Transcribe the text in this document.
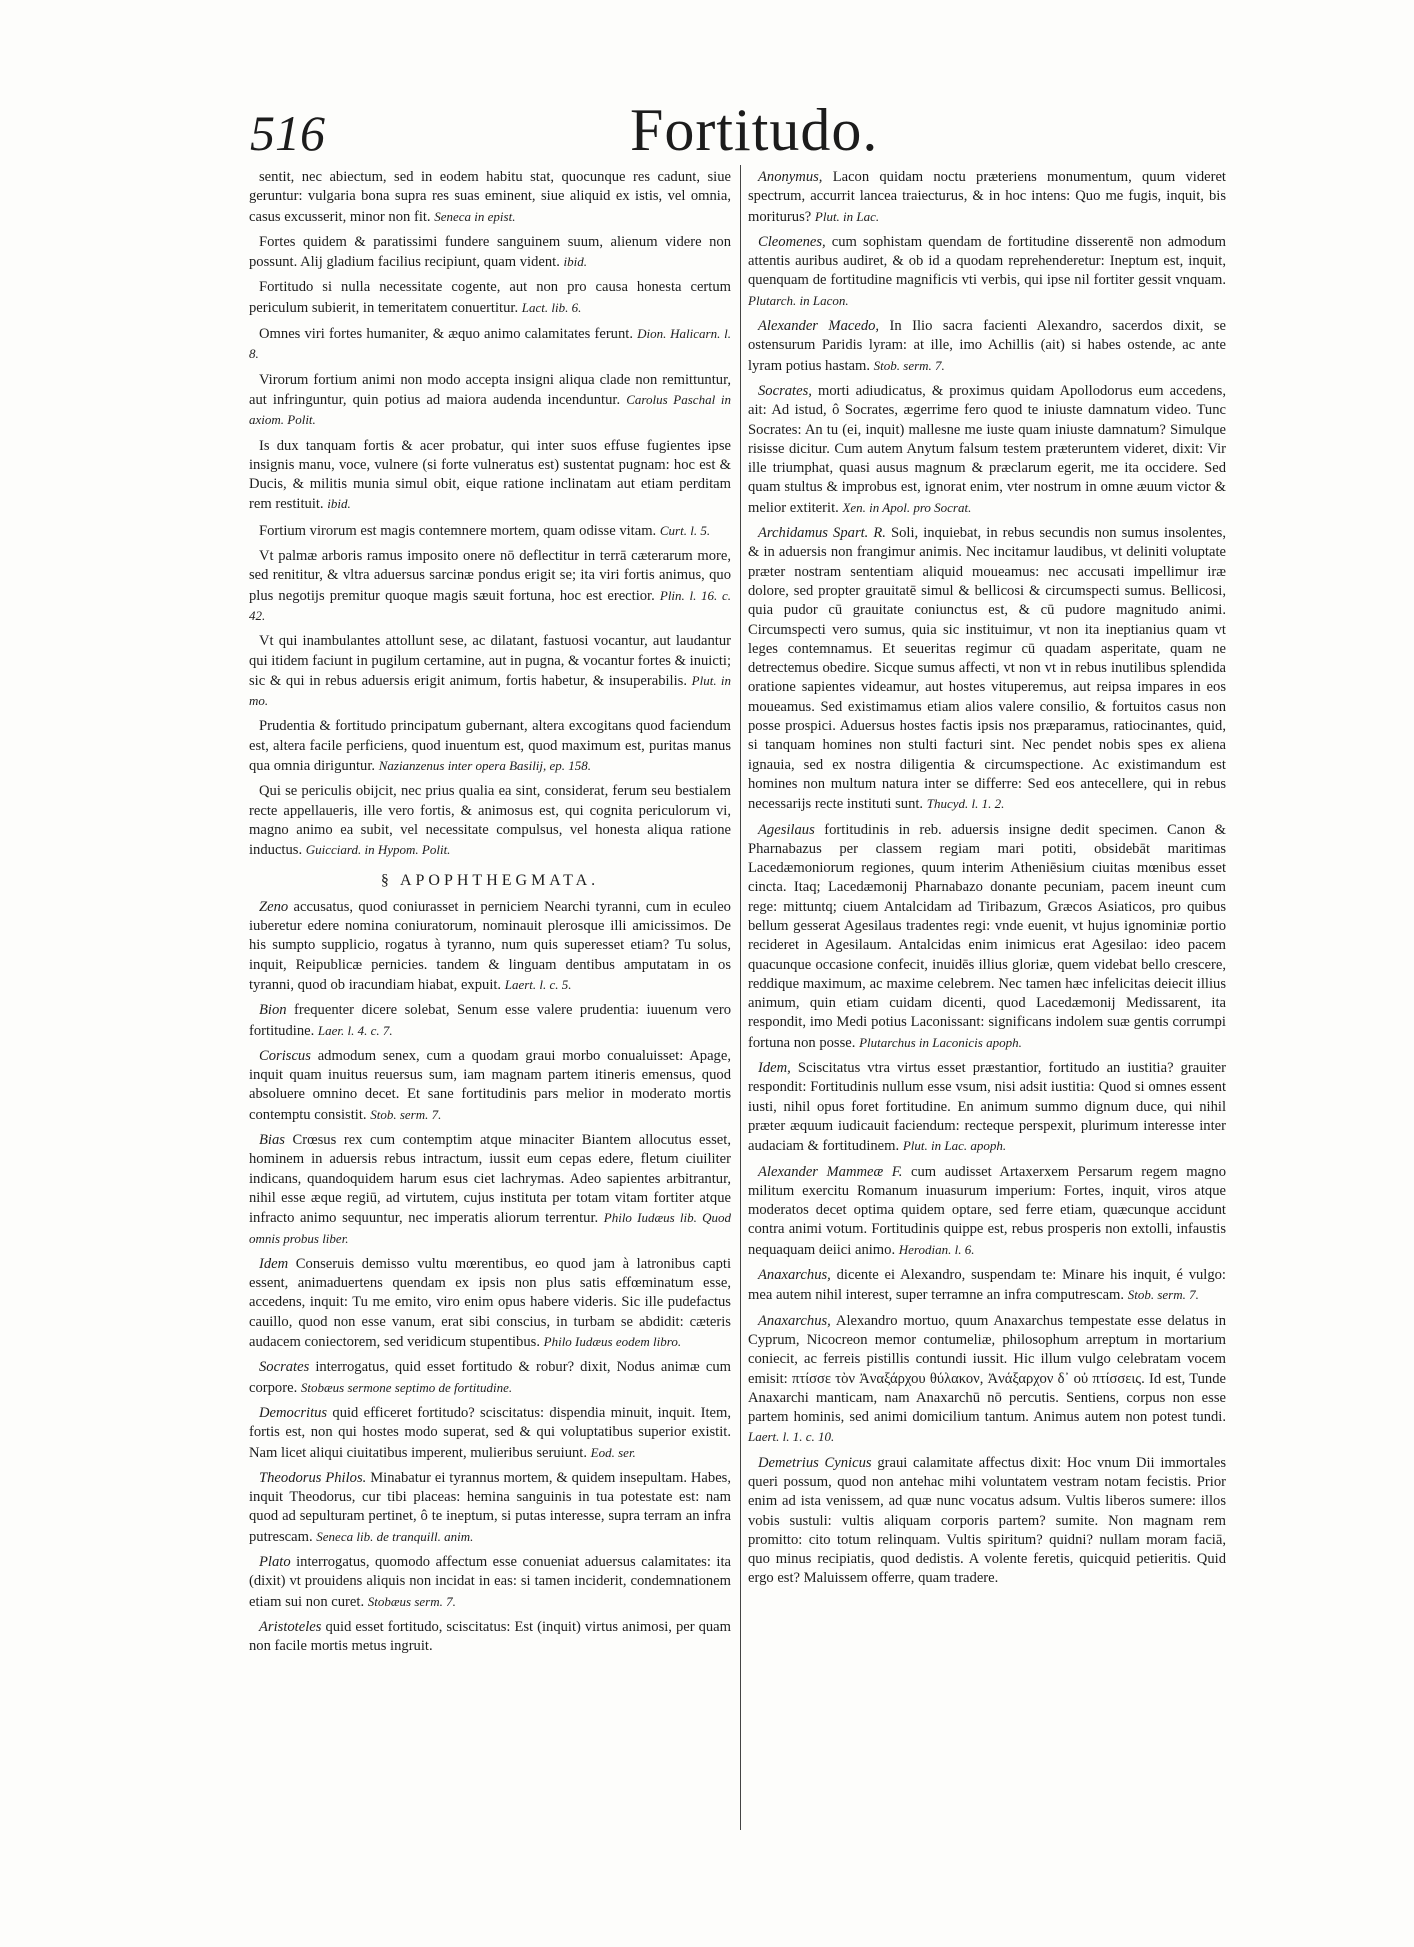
516	Fortitudo.

sentit, nec abiectum, sed in eodem habitu stat, quocunque res cadunt, siue geruntur: vulgaria bona supra res suas eminent, siue aliquid ex istis, vel omnia, casus excusserit, minor non fit. Seneca in epist.

Fortes quidem & paratissimi fundere sanguinem suum, alienum videre non possunt. Alij gladium facilius recipiunt, quam vident. ibid.

Fortitudo si nulla necessitate cogente, aut non pro causa honesta certum periculum subierit, in temeritatem conuertitur. Lact. lib. 6.

Omnes viri fortes humaniter, & æquo animo calamitates ferunt. Dion. Halicarn. l. 8.

Virorum fortium animi non modo accepta insigni aliqua clade non remittuntur, aut infringuntur, quin potius ad maiora audenda incenduntur. Carolus Paschal in axiom. Polit.

Is dux tanquam fortis & acer probatur, qui inter suos effuse fugientes ipse insignis manu, voce, vulnere (si forte vulneratus est) sustentat pugnam: hoc est & Ducis, & militis munia simul obit, eique ratione inclinatam aut etiam perditam rem restituit. ibid.

Fortium virorum est magis contemnere mortem, quam odisse vitam. Curt. l. 5.

Vt palmæ arboris ramus imposito onere nō deflectitur in terrā cæterarum more, sed renititur, & vltra aduersus sarcinæ pondus erigit se; ita viri fortis animus, quo plus negotijs premitur quoque magis sæuit fortuna, hoc est erectior. Plin. l. 16. c. 42.

Vt qui inambulantes attollunt sese, ac dilatant, fastuosi vocantur, aut laudantur qui itidem faciunt in pugilum certamine, aut in pugna, & vocantur fortes & inuicti; sic & qui in rebus aduersis erigit animum, fortis habetur, & insuperabilis. Plut. in mo.

Prudentia & fortitudo principatum gubernant, altera excogitans quod faciendum est, altera facile perficiens, quod inuentum est, quod maximum est, puritas manus qua omnia diriguntur. Nazianzenus inter opera Basilij, ep. 158.

Qui se periculis obijcit, nec prius qualia ea sint, considerat, ferum seu bestialem recte appellaueris, ille vero fortis, & animosus est, qui cognita periculorum vi, magno animo ea subit, vel necessitate compulsus, vel honesta aliqua ratione inductus. Guicciard. in Hypom. Polit.

§ APOPHTHEGMATA.

Zeno accusatus, quod coniurasset in perniciem Nearchi tyranni, cum in eculeo iuberetur edere nomina coniuratorum, nominauit plerosque illi amicissimos. De his sumpto supplicio, rogatus à tyranno, num quis superesset etiam? Tu solus, inquit, Reipublicæ pernicies. tandem & linguam dentibus amputatam in os tyranni, quod ob iracundiam hiabat, expuit. Laert. l. c. 5.

Bion frequenter dicere solebat, Senum esse valere prudentia: iuuenum vero fortitudine. Laer. l. 4. c. 7.

Coriscus admodum senex, cum a quodam graui morbo conualuisset: Apage, inquit quam inuitus reuersus sum, iam magnam partem itineris emensus, quod absoluere omnino decet. Et sane fortitudinis pars melior in moderato mortis contemptu consistit. Stob. serm. 7.

Bias Crœsus rex cum contemptim atque minaciter Biantem allocutus esset, hominem in aduersis rebus intractum, iussit eum cepas edere, fletum ciuiliter indicans, quandoquidem harum esus ciet lachrymas. Adeo sapientes arbitrantur, nihil esse æque regiū, ad virtutem, cujus instituta per totam vitam fortiter atque infracto animo sequuntur, nec imperatis aliorum terrentur. Philo Iudæus lib. Quod omnis probus liber.

Idem Conseruis demisso vultu mœrentibus, eo quod jam à latronibus capti essent, animaduertens quendam ex ipsis non plus satis effœminatum esse, accedens, inquit: Tu me emito, viro enim opus habere videris. Sic ille pudefactus cauillo, quod non esse vanum, erat sibi conscius, in turbam se abdidit: cæteris audacem coniectorem, sed veridicum stupentibus. Philo Iudæus eodem libro.

Socrates interrogatus, quid esset fortitudo & robur? dixit, Nodus animæ cum corpore. Stobæus sermone septimo de fortitudine.

Democritus quid efficeret fortitudo? sciscitatus: dispendia minuit, inquit. Item, fortis est, non qui hostes modo superat, sed & qui voluptatibus superior existit. Nam licet aliqui ciuitatibus imperent, mulieribus seruiunt. Eod. ser.

Theodorus Philos. Minabatur ei tyrannus mortem, & quidem insepultam. Habes, inquit Theodorus, cur tibi placeas: hemina sanguinis in tua potestate est: nam quod ad sepulturam pertinet, ô te ineptum, si putas interesse, supra terram an infra putrescam. Seneca lib. de tranquill. anim.

Plato interrogatus, quomodo affectum esse conueniat aduersus calamitates: ita (dixit) vt prouidens aliquis non incidat in eas: si tamen inciderit, condemnationem etiam sui non curet. Stobæus serm. 7.

Aristoteles quid esset fortitudo, sciscitatus: Est (inquit) virtus animosi, per quam non facile mortis metus ingruit.

Anonymus, Lacon quidam noctu præteriens monumentum, quum videret spectrum, accurrit lancea traiecturus, & in hoc intens: Quo me fugis, inquit, bis moriturus? Plut. in Lac.

Cleomenes, cum sophistam quendam de fortitudine disserentē non admodum attentis auribus audiret, & ob id a quodam reprehenderetur: Ineptum est, inquit, quenquam de fortitudine magnificis vti verbis, qui ipse nil fortiter gessit vnquam. Plutarch. in Lacon.

Alexander Macedo, In Ilio sacra facienti Alexandro, sacerdos dixit, se ostensurum Paridis lyram: at ille, imo Achillis (ait) si habes ostende, ac ante lyram potius hastam. Stob. serm. 7.

Socrates, morti adiudicatus, & proximus quidam Apollodorus eum accedens, ait: Ad istud, ô Socrates, ægerrime fero quod te iniuste damnatum video. Tunc Socrates: An tu (ei, inquit) mallesne me iuste quam iniuste damnatum? Simulque risisse dicitur. Cum autem Anytum falsum testem præteruntem videret, dixit: Vir ille triumphat, quasi ausus magnum & præclarum egerit, me ita occidere. Sed quam stultus & improbus est, ignorat enim, vter nostrum in omne æuum victor & melior extiterit. Xen. in Apol. pro Socrat.

Archidamus Spart. R. Soli, inquiebat, in rebus secundis non sumus insolentes, & in aduersis non frangimur animis. Nec incitamur laudibus, vt deliniti voluptate præter nostram sententiam aliquid moueamus: nec accusati impellimur iræ dolore, sed propter grauitatē simul & bellicosi & circumspecti sumus. Bellicosi, quia pudor cū grauitate coniunctus est, & cū pudore magnitudo animi. Circumspecti vero sumus, quia sic instituimur, vt non ita ineptianius quam vt leges contemnamus. Et seueritas regimur cū quadam asperitate, quam ne detrectemus obedire. Sicque sumus affecti, vt non vt in rebus inutilibus splendida oratione sapientes videamur, aut hostes vituperemus, aut reipsa impares in eos moueamus. Sed existimamus etiam alios valere consilio, & fortuitos casus non posse prospici. Aduersus hostes factis ipsis nos præparamus, ratiocinantes, quid, si tanquam homines non stulti facturi sint. Nec pendet nobis spes ex aliena ignauia, sed ex nostra diligentia & circumspectione. Ac existimandum est homines non multum natura inter se differre: Sed eos antecellere, qui in rebus necessarijs recte instituti sunt. Thucyd. l. 1. 2.

Agesilaus fortitudinis in reb. aduersis insigne dedit specimen. Canon & Pharnabazus per classem regiam mari potiti, obsidebāt maritimas Lacedæmoniorum regiones, quum interim Atheniēsium ciuitas mœnibus esset cincta. Itaq; Lacedæmonij Pharnabazo donante pecuniam, pacem ineunt cum rege: mittuntq; ciuem Antalcidam ad Tiribazum, Græcos Asiaticos, pro quibus bellum gesserat Agesilaus tradentes regi: vnde euenit, vt hujus ignominiæ portio recideret in Agesilaum. Antalcidas enim inimicus erat Agesilao: ideo pacem quacunque occasione confecit, inuidēs illius gloriæ, quem videbat bello crescere, reddique maximum, ac maxime celebrem. Nec tamen hæc infelicitas deiecit illius animum, quin etiam cuidam dicenti, quod Lacedæmonij Medissarent, ita respondit, imo Medi potius Laconissant: significans indolem suæ gentis corrumpi fortuna non posse. Plutarchus in Laconicis apoph.

Idem, Sciscitatus vtra virtus esset præstantior, fortitudo an iustitia? grauiter respondit: Fortitudinis nullum esse vsum, nisi adsit iustitia: Quod si omnes essent iusti, nihil opus foret fortitudine. En animum summo dignum duce, qui nihil præter æquum iudicauit faciendum: recteque perspexit, plurimum interesse inter audaciam & fortitudinem. Plut. in Lac. apoph.

Alexander Mammeæ F. cum audisset Artaxerxem Persarum regem magno militum exercitu Romanum inuasurum imperium: Fortes, inquit, viros atque moderatos decet optima quidem optare, sed ferre etiam, quæcunque accidunt contra animi votum. Fortitudinis quippe est, rebus prosperis non extolli, infaustis nequaquam deiici animo. Herodian. l. 6.

Anaxarchus, dicente ei Alexandro, suspendam te: Minare his inquit, é vulgo: mea autem nihil interest, super terramne an infra computrescam. Stob. serm. 7.

Anaxarchus, Alexandro mortuo, quum Anaxarchus tempestate esse delatus in Cyprum, Nicocreon memor contumeliæ, philosophum arreptum in mortarium coniecit, ac ferreis pistillis contundi iussit. Hic illum vulgo celebratam vocem emisit: πτίσσε τὸν Ἀναξάρχου θύλακον, Ἀνάξαρχον δ᾽ οὐ πτίσσεις. Id est, Tunde Anaxarchi manticam, nam Anaxarchū nō percutis. Sentiens, corpus non esse partem hominis, sed animi domicilium tantum. Animus autem non potest tundi. Laert. l. 1. c. 10.

Demetrius Cynicus graui calamitate affectus dixit: Hoc vnum Dii immortales queri possum, quod non antehac mihi voluntatem vestram notam fecistis. Prior enim ad ista venissem, ad quæ nunc vocatus adsum. Vultis liberos sumere: illos vobis sustuli: vultis aliquam corporis partem? sumite. Non magnam rem promitto: cito totum relinquam. Vultis spiritum? quidni? nullam moram faciā, quo minus recipiatis, quod dedistis. A volente feretis, quicquid petieritis. Quid ergo est? Maluissem offerre, quam tradere.
